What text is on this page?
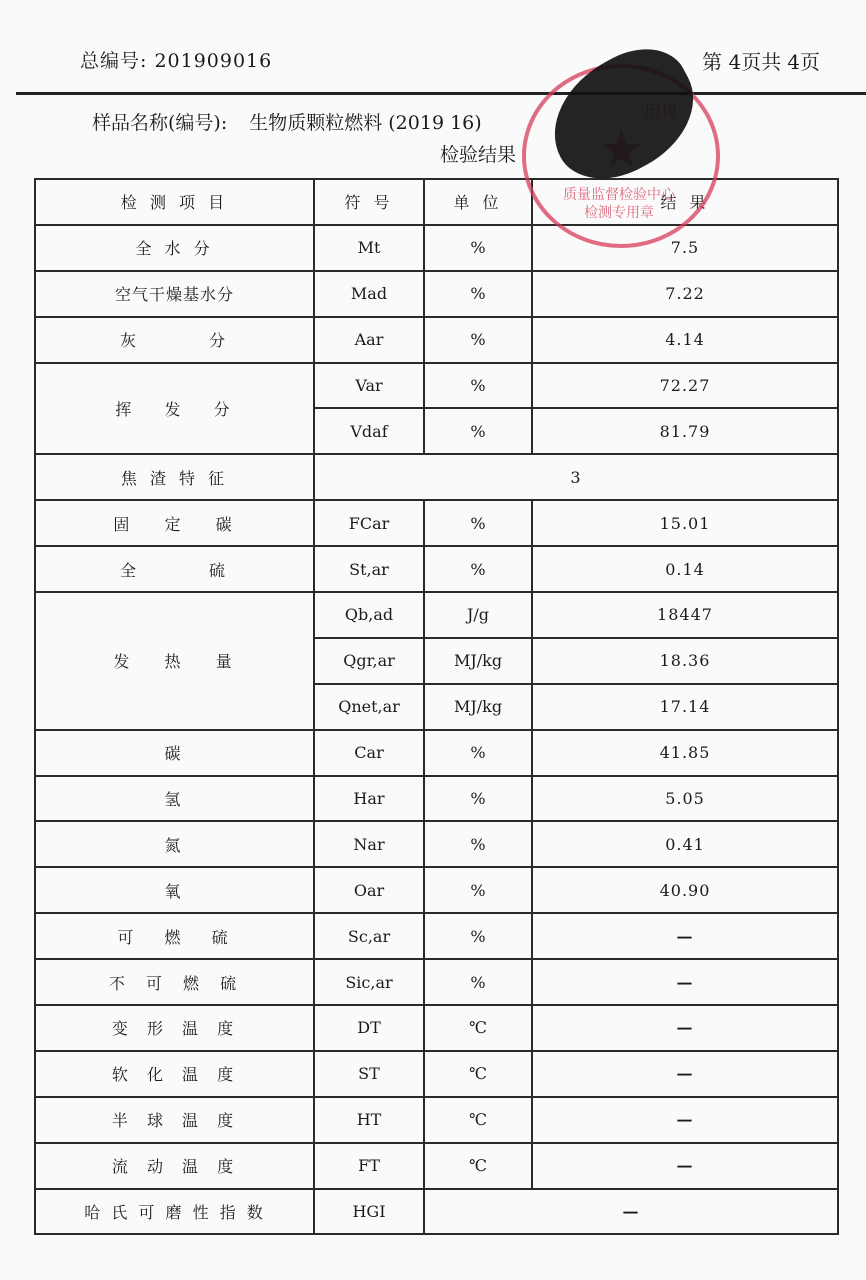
总编号: 201909016	第 4页共 4页
样品名称(编号): 生物质颗粒燃料 (2019 16)
检验结果
检 测 项 目	符 号	单 位	结 果
全 水 分	Mt	%	7.5
空气干燥基水分	Mad	%	7.22
灰 分	Aar	%	4.14
挥 发 分	Var	%	72.27
	Vdaf	%	81.79
焦 渣 特 征	3		
固 定 碳	FCar	%	15.01
全 硫	St,ar	%	0.14
发 热 量	Qb,ad	J/g	18447
	Qgr,ar	MJ/kg	18.36
	Qnet,ar	MJ/kg	17.14
碳	Car	%	41.85
氢	Har	%	5.05
氮	Nar	%	0.41
氧	Oar	%	40.90
可 燃 硫	Sc,ar	%	—
不 可 燃 硫	Sic,ar	%	—
变 形 温 度	DT	℃	—
软 化 温 度	ST	℃	—
半 球 温 度	HT	℃	—
流 动 温 度	FT	℃	—
哈 氏 可 磨 性 指 数	HGI	—	
质量监督检验中心 检测专用章
